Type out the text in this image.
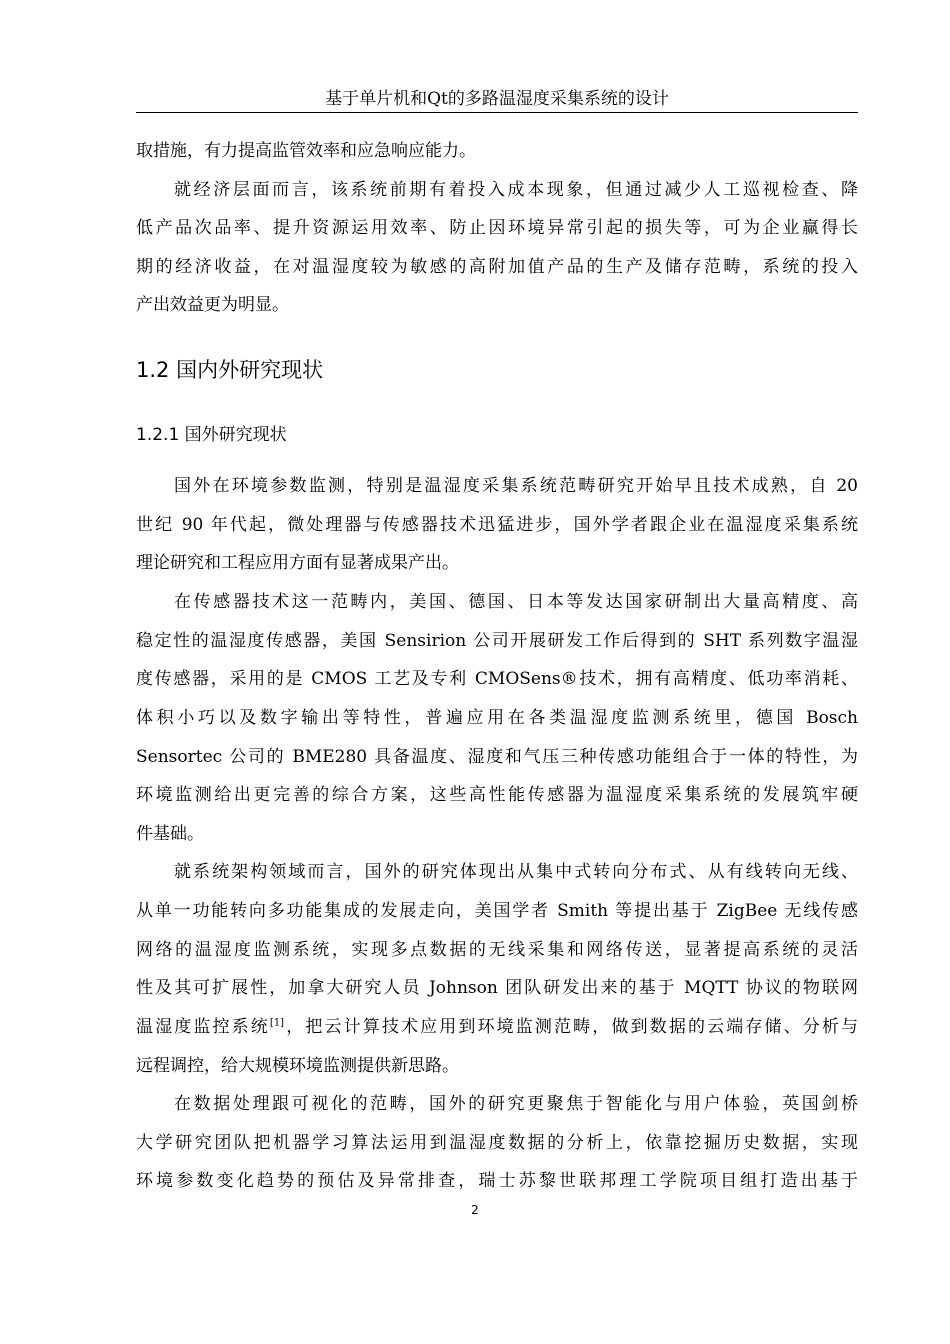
基于单片机和Qt的多路温湿度采集系统的设计
取措施，有力提高监管效率和应急响应能力。
就经济层面而言，该系统前期有着投入成本现象，但通过减少人工巡视检查、降
低产品次品率、提升资源运用效率、防止因环境异常引起的损失等，可为企业赢得长
期的经济收益，在对温湿度较为敏感的高附加值产品的生产及储存范畴，系统的投入
产出效益更为明显。
1.2 国内外研究现状
1.2.1 国外研究现状
国外在环境参数监测，特别是温湿度采集系统范畴研究开始早且技术成熟，自 20
世纪 90 年代起，微处理器与传感器技术迅猛进步，国外学者跟企业在温湿度采集系统
理论研究和工程应用方面有显著成果产出。
在传感器技术这一范畴内，美国、德国、日本等发达国家研制出大量高精度、高
稳定性的温湿度传感器，美国 Sensirion 公司开展研发工作后得到的 SHT 系列数字温湿
度传感器，采用的是 CMOS 工艺及专利 CMOSens®技术，拥有高精度、低功率消耗、
体积小巧以及数字输出等特性，普遍应用在各类温湿度监测系统里，德国 Bosch
Sensortec 公司的 BME280 具备温度、湿度和气压三种传感功能组合于一体的特性，为
环境监测给出更完善的综合方案，这些高性能传感器为温湿度采集系统的发展筑牢硬
件基础。
就系统架构领域而言，国外的研究体现出从集中式转向分布式、从有线转向无线、
从单一功能转向多功能集成的发展走向，美国学者 Smith 等提出基于 ZigBee 无线传感
网络的温湿度监测系统，实现多点数据的无线采集和网络传送，显著提高系统的灵活
性及其可扩展性，加拿大研究人员 Johnson 团队研发出来的基于 MQTT 协议的物联网
温湿度监控系统[1]，把云计算技术应用到环境监测范畴，做到数据的云端存储、分析与
远程调控，给大规模环境监测提供新思路。
在数据处理跟可视化的范畴，国外的研究更聚焦于智能化与用户体验，英国剑桥
大学研究团队把机器学习算法运用到温湿度数据的分析上，依靠挖掘历史数据，实现
环境参数变化趋势的预估及异常排查，瑞士苏黎世联邦理工学院项目组打造出基于
2
